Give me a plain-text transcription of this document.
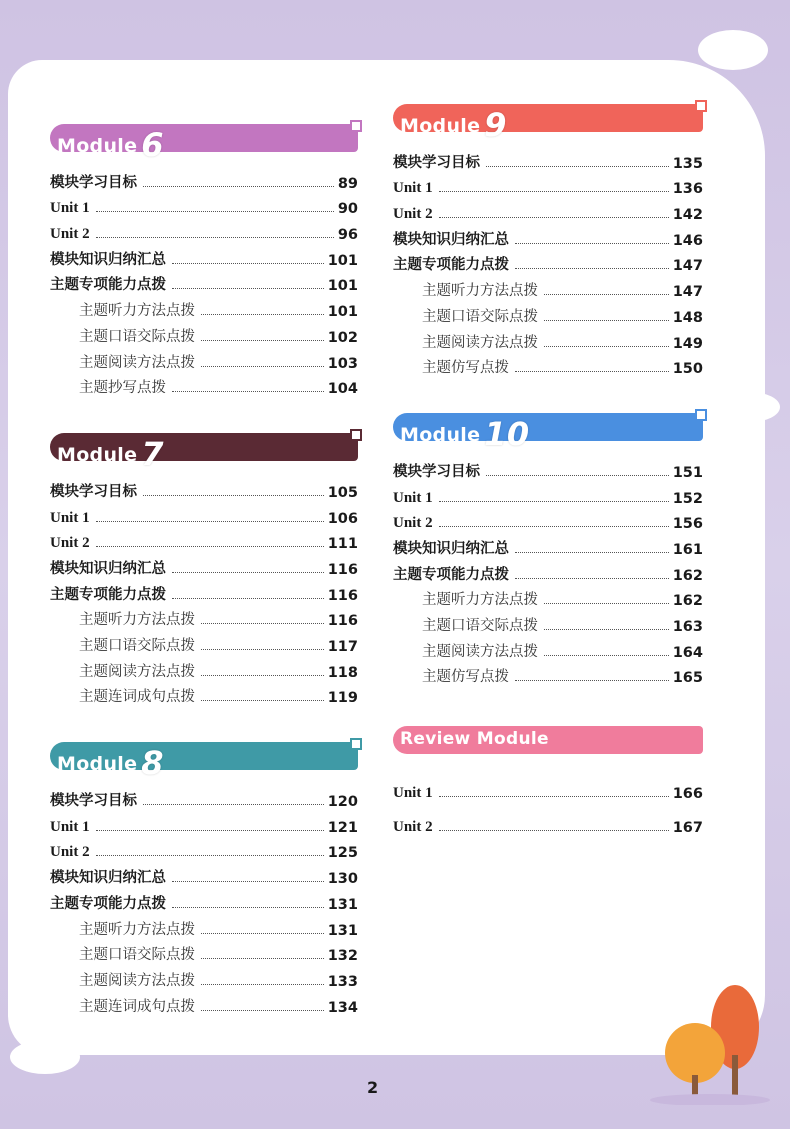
Module 6
模块学习目标	89
Unit 1	90
Unit 2	96
模块知识归纳汇总	101
主题专项能力点拨	101
主题听力方法点拨	101
主题口语交际点拨	102
主题阅读方法点拨	103
主题抄写点拨	104
Module 7
模块学习目标	105
Unit 1	106
Unit 2	111
模块知识归纳汇总	116
主题专项能力点拨	116
主题听力方法点拨	116
主题口语交际点拨	117
主题阅读方法点拨	118
主题连词成句点拨	119
Module 8
模块学习目标	120
Unit 1	121
Unit 2	125
模块知识归纳汇总	130
主题专项能力点拨	131
主题听力方法点拨	131
主题口语交际点拨	132
主题阅读方法点拨	133
主题连词成句点拨	134
Module 9
模块学习目标	135
Unit 1	136
Unit 2	142
模块知识归纳汇总	146
主题专项能力点拨	147
主题听力方法点拨	147
主题口语交际点拨	148
主题阅读方法点拨	149
主题仿写点拨	150
Module 10
模块学习目标	151
Unit 1	152
Unit 2	156
模块知识归纳汇总	161
主题专项能力点拨	162
主题听力方法点拨	162
主题口语交际点拨	163
主题阅读方法点拨	164
主题仿写点拨	165
Review Module
Unit 1	166
Unit 2	167
2
